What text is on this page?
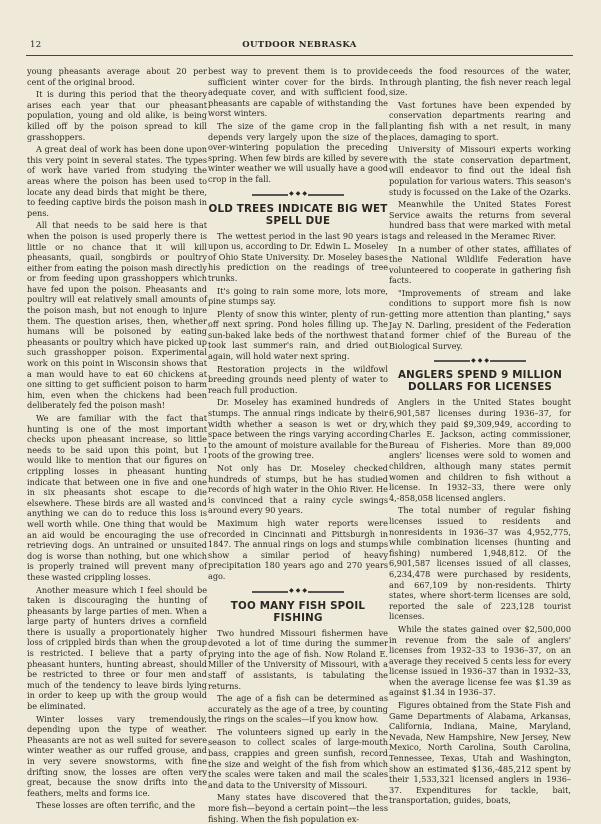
12	OUTDOOR NEBRASKA

young pheasants average about 20 per cent of the original brood.

It is during this period that the theory arises each year that our pheasant population, young and old alike, is being killed off by the poison spread to kill grasshoppers.

A great deal of work has been done upon this very point in several states. The types of work have varied from studying the areas where the poison has been used to locate any dead birds that might be there, to feeding captive birds the poison mash in pens.

All that needs to be said here is that when the poison is used properly there is little or no chance that it will kill pheasants, quail, songbirds or poultry either from eating the poison mash directly or from feeding upon grasshoppers which have fed upon the poison. Pheasants and poultry will eat relatively small amounts of the poison mash, but not enough to injure them. The question arises, then, whether humans will be poisoned by eating pheasants or poultry which have picked up such grasshopper poison. Experimental work on this point in Wisconsin shows that a man would have to eat 60 chickens at one sitting to get sufficient poison to harm him, even when the chickens had been deliberately fed the poison mash!

We are familiar with the fact that hunting is one of the most important checks upon pheasant increase, so little needs to be said upon this point, but I would like to mention that our figures on crippling losses in pheasant hunting indicate that between one in five and one in six pheasants shot escape to die elsewhere. These birds are all wasted and anything we can do to reduce this loss is well worth while. One thing that would be an aid would be encouraging the use of retrieving dogs. An untrained or unsuited dog is worse than nothing, but one which is properly trained will prevent many of these wasted crippling losses.

Another measure which I feel should be taken is discouraging the hunting of pheasants by large parties of men. When a large party of hunters drives a cornfield there is usually a proportionately higher loss of crippled birds than when the group is restricted. I believe that a party of pheasant hunters, hunting abreast, should be restricted to three or four men and much of the tendency to leave birds lying in order to keep up with the group would be eliminated.

Winter losses vary tremendously, depending upon the type of weather. Pheasants are not as well suited for severe winter weather as our ruffed grouse, and in very severe snowstorms, with fine drifting snow, the losses are often very great, because the snow drifts into the feathers, melts and forms ice.

These losses are often terrific, and the

best way to prevent them is to provide sufficient winter cover for the birds. In adequate cover, and with sufficient food, pheasants are capable of withstanding the worst winters.

The size of the game crop in the fall depends very largely upon the size of the over-wintering population the preceding spring. When few birds are killed by severe winter weather we will usually have a good crop in the fall.

◆ ◆ ◆
OLD TREES INDICATE BIG WET SPELL DUE

The wettest period in the last 90 years is upon us, according to Dr. Edwin L. Moseley of Ohio State University. Dr. Moseley bases his prediction on the readings of tree trunks.

It's going to rain some more, lots more, pine stumps say.

Plenty of snow this winter, plenty of run-off next spring. Pond holes filling up. The sun-baked lake beds of the northwest that took last summer's rain, and dried out again, will hold water next spring.

Restoration projects in the wildfowl breeding grounds need plenty of water to reach full production.

Dr. Moseley has examined hundreds of stumps. The annual rings indicate by their width whether a season is wet or dry, space between the rings varying according to the amount of moisture available for the roots of the growing tree.

Not only has Dr. Moseley checked hundreds of stumps, but he has studied records of high water in the Ohio River. He is convinced that a rainy cycle swings around every 90 years.

Maximum high water reports were recorded in Cincinnati and Pittsburgh in 1847. The annual rings on logs and stumps show a similar period of heavy precipitation 180 years ago and 270 years ago.

◆ ◆ ◆
TOO MANY FISH SPOIL FISHING

Two hundred Missouri fishermen have devoted a lot of time during the summer prying into the age of fish. Now Roland E. Miller of the University of Missouri, with a staff of assistants, is tabulating the returns.

The age of a fish can be determined as accurately as the age of a tree, by counting the rings on the scales—if you know how.

The volunteers signed up early in the season to collect scales of large-mouth bass, crappies and green sunfish, record the size and weight of the fish from which the scales were taken and mail the scales and data to the University of Missouri.

Many states have discovered that the more fish—beyond a certain point—the less fishing. When the fish population ex-

ceeds the food resources of the water, through planting, the fish never reach legal size.

Vast fortunes have been expended by conservation departments rearing and planting fish with a net result, in many places, damaging to sport.

University of Missouri experts working with the state conservation department, will endeavor to find out the ideal fish population for various waters. This season's study is focussed on the Lake of the Ozarks.

Meanwhile the United States Forest Service awaits the returns from several hundred bass that were marked with metal tags and released in the Meramec River.

In a number of other states, affiliates of the National Wildlife Federation have volunteered to cooperate in gathering fish facts.

"Improvements of stream and lake conditions to support more fish is now getting more attention than planting," says Jay N. Darling, president of the Federation and former chief of the Bureau of the Biological Survey.

◆ ◆ ◆
ANGLERS SPEND 9 MILLION DOLLARS FOR LICENSES

Anglers in the United States bought 6,901,587 licenses during 1936–37, for which they paid $9,309,949, according to Charles E. Jackson, acting commissioner, Bureau of Fisheries. More than 89,000 anglers' licenses were sold to women and children, although many states permit women and children to fish without a license. In 1932–33, there were only 4,-858,058 licensed anglers.

The total number of regular fishing licenses issued to residents and nonresidents in 1936–37 was 4,952,775, while combination licenses (hunting and fishing) numbered 1,948,812. Of the 6,901,587 licenses issued of all classes, 6,234,478 were purchased by residents, and 667,109 by non-residents. Thirty states, where short-term licenses are sold, reported the sale of 223,128 tourist licenses.

While the states gained over $2,500,000 in revenue from the sale of anglers' licenses from 1932–33 to 1936–37, on an average they received 5 cents less for every license issued in 1936–37 than in 1932–33, when the average license fee was $1.39 as against $1.34 in 1936–37.

Figures obtained from the State Fish and Game Departments of Alabama, Arkansas, California, Indiana, Maine, Maryland, Nevada, New Hampshire, New Jersey, New Mexico, North Carolina, South Carolina, Tennessee, Texas, Utah and Washington, show an estimated $136,-485,212 spent by their 1,533,321 licensed anglers in 1936–37. Expenditures for tackle, bait, transportation, guides, boats,
